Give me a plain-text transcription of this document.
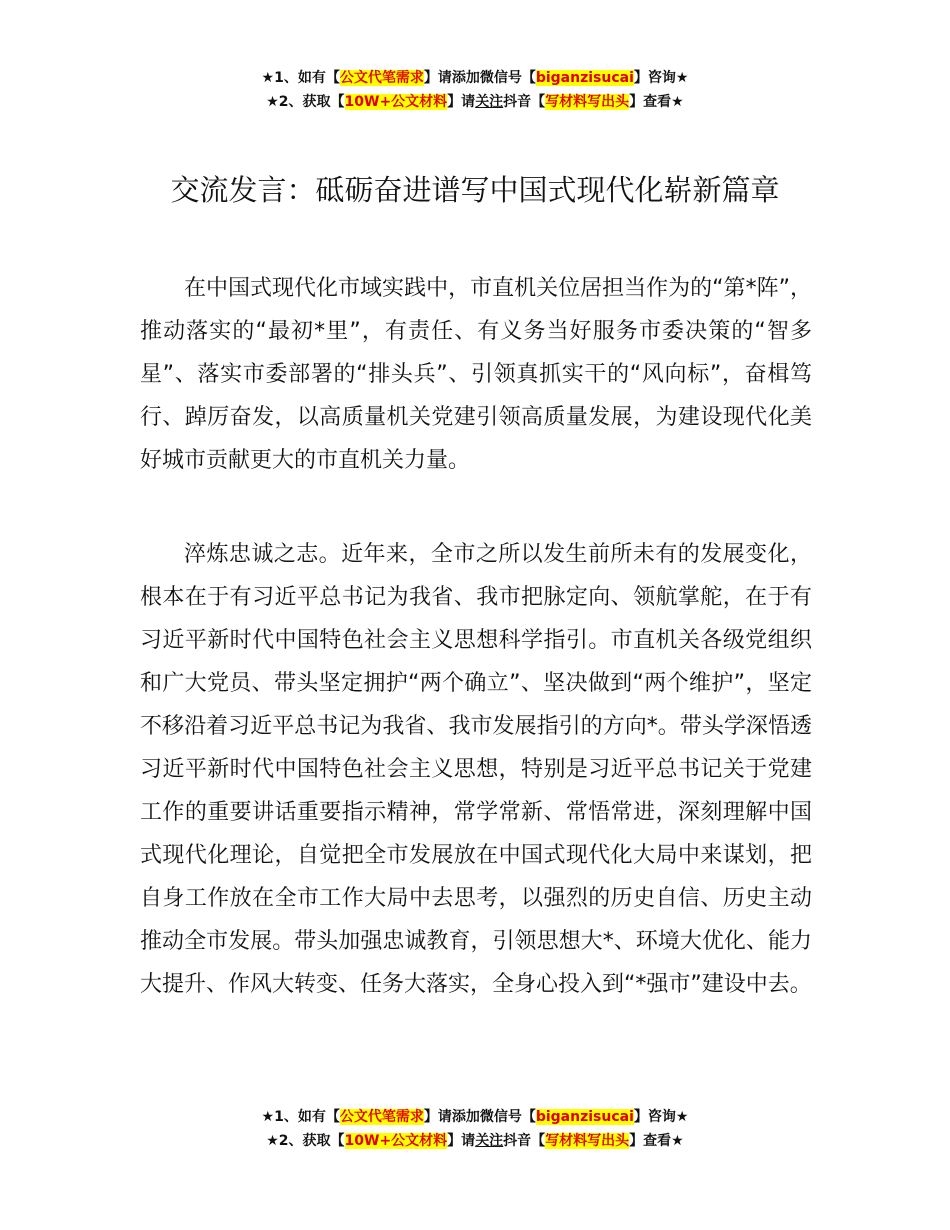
★1、如有【公文代笔需求】请添加微信号【biganzisucai】咨询★
★2、获取【10W+公文材料】请关注抖音【写材料写出头】查看★
交流发言：砥砺奋进谱写中国式现代化崭新篇章

在中国式现代化市域实践中，市直机关位居担当作为的“第*阵”，推动落实的“最初*里”，有责任、有义务当好服务市委决策的“智多星”、落实市委部署的“排头兵”、引领真抓实干的“风向标”，奋楫笃行、踔厉奋发，以高质量机关党建引领高质量发展，为建设现代化美好城市贡献更大的市直机关力量。

淬炼忠诚之志。近年来，全市之所以发生前所未有的发展变化，根本在于有习近平总书记为我省、我市把脉定向、领航掌舵，在于有习近平新时代中国特色社会主义思想科学指引。市直机关各级党组织和广大党员、带头坚定拥护“两个确立”、坚决做到“两个维护”，坚定不移沿着习近平总书记为我省、我市发展指引的方向*。带头学深悟透习近平新时代中国特色社会主义思想，特别是习近平总书记关于党建工作的重要讲话重要指示精神，常学常新、常悟常进，深刻理解中国式现代化理论，自觉把全市发展放在中国式现代化大局中来谋划，把自身工作放在全市工作大局中去思考，以强烈的历史自信、历史主动推动全市发展。带头加强忠诚教育，引领思想大*、环境大优化、能力大提升、作风大转变、任务大落实，全身心投入到“*强市”建设中去。

★1、如有【公文代笔需求】请添加微信号【biganzisucai】咨询★
★2、获取【10W+公文材料】请关注抖音【写材料写出头】查看★
